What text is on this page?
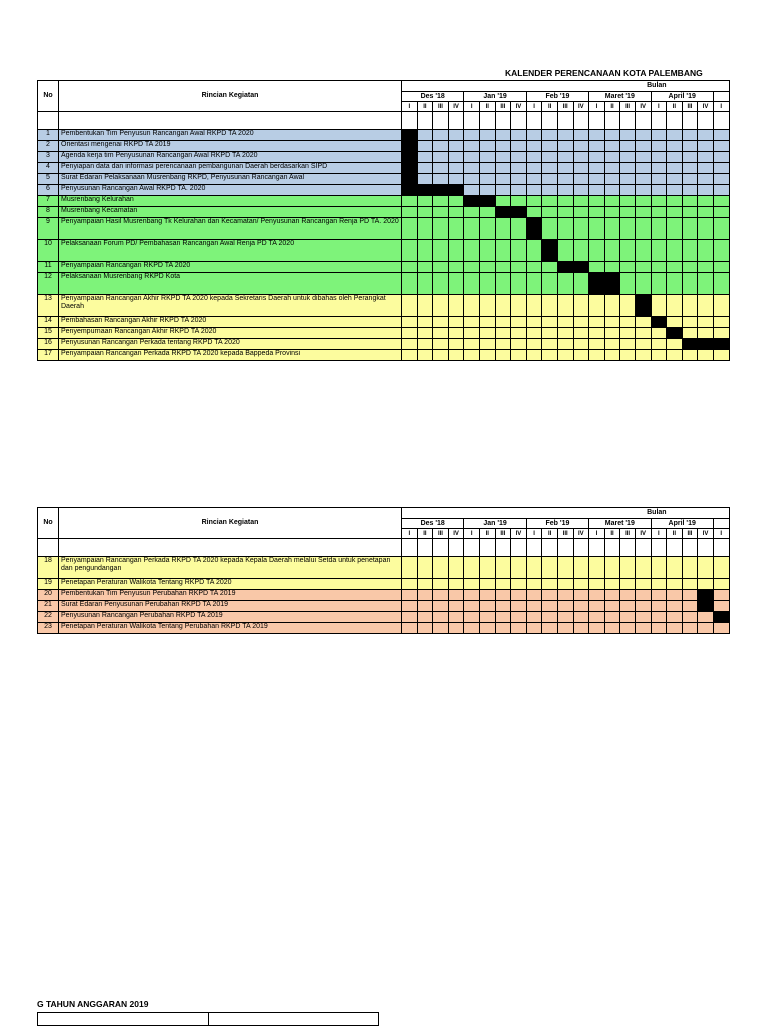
KALENDER PERENCANAAN KOTA PALEMBANG
No	Rincian Kegiatan	Bulan																				
		Des '18				Jan '19				Feb '19				Maret '19				April '19				
		I	II	III	IV	I	II	III	IV	I	II	III	IV	I	II	III	IV	I	II	III	IV	I

1	Pembentukan Tim Penyusun Rancangan Awal RKPD TA 2020																					
2	Orientasi mengenai RKPD TA 2019																					
3	Agenda kerja tim Penyusunan Rancangan Awal RKPD TA 2020																					
4	Penyiapan data dan informasi perencanaan pembangunan Daerah berdasarkan SIPD																					
5	Surat Edaran Pelaksanaan Musrenbang RKPD, Penyusunan Rancangan Awal																					
6	Penyusunan Rancangan Awal RKPD TA. 2020																					
7	Musrenbang Kelurahan																					
8	Musrenbang Kecamatan																					
9	Penyampaian Hasil Musrenbang Tk Kelurahan dan Kecamatan/ Penyusunan Rancangan Renja PD TA. 2020																					
10	Pelaksanaan Forum PD/ Pembahasan Rancangan Awal Renja PD TA 2020																					
11	Penyampaian Rancangan RKPD TA 2020																					
12	Pelaksanaan Musrenbang RKPD Kota																					
13	Penyampaian Rancangan Akhir RKPD TA 2020 kepada Sekretaris Daerah untuk dibahas oleh Perangkat Daerah																					
14	Pembahasan Rancangan Akhir RKPD TA 2020																					
15	Penyempurnaan Rancangan Akhir RKPD TA 2020																					
16	Penyusunan Rancangan Perkada tentang RKPD TA 2020																					
17	Penyampaian Rancangan Perkada RKPD TA 2020 kepada Bappeda Provinsi																					
No	Rincian Kegiatan	Bulan																				
		Des '18				Jan '19				Feb '19				Maret '19				April '19				
		I	II	III	IV	I	II	III	IV	I	II	III	IV	I	II	III	IV	I	II	III	IV	I

18	Penyampaian Rancangan Perkada RKPD TA 2020 kepada Kepala Daerah melalui Setda untuk penetapan dan pengundangan																					
19	Penetapan Peraturan Walikota Tentang RKPD TA 2020																					
20	Pembentukan Tim Penyusun Perubahan RKPD TA 2019																					
21	Surat Edaran Penyusunan Perubahan RKPD TA 2019																					
22	Penyusunan Rancangan Perubahan RKPD TA 2019																					
23	Penetapan Peraturan Walikota Tentang Perubahan RKPD TA 2019																					
G TAHUN ANGGARAN 2019
